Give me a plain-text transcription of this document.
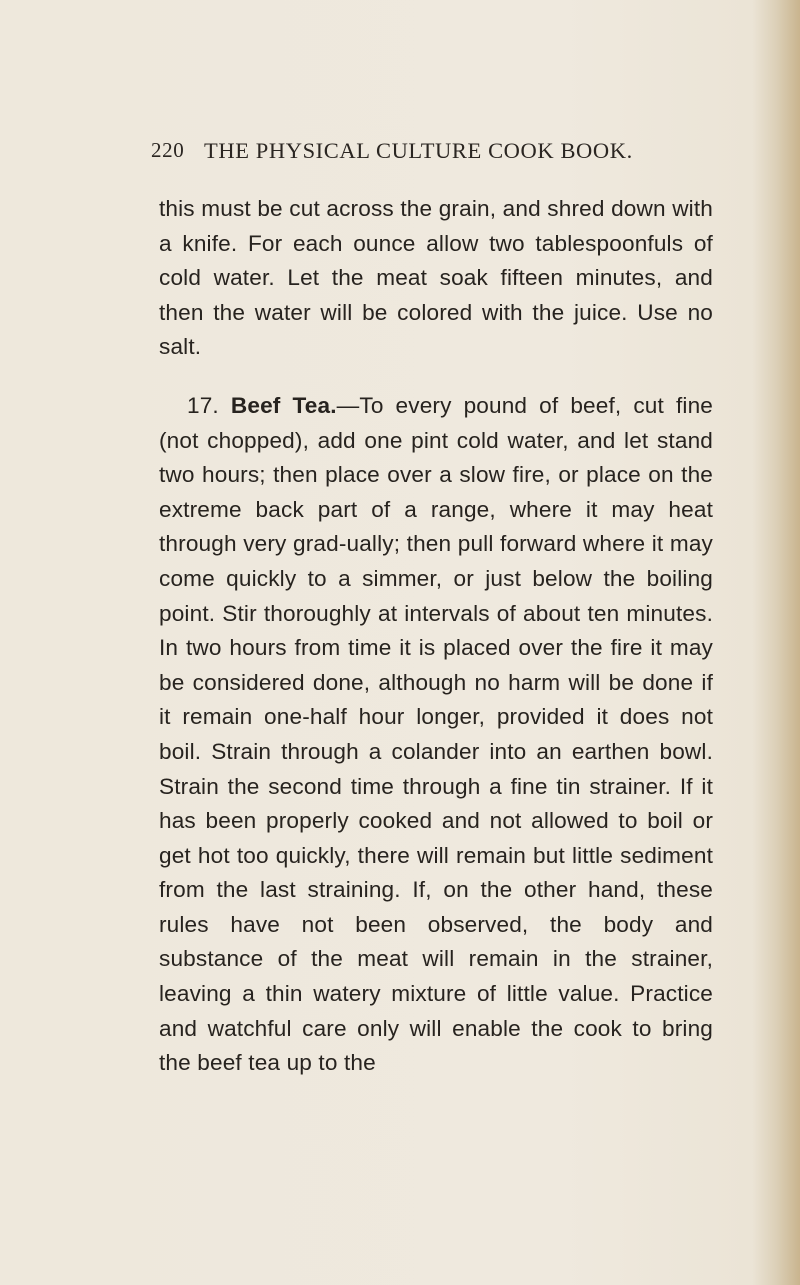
220 THE PHYSICAL CULTURE COOK BOOK.

this must be cut across the grain, and shred down with a knife. For each ounce allow two tablespoonfuls of cold water. Let the meat soak fifteen minutes, and then the water will be colored with the juice. Use no salt.

17. Beef Tea.—To every pound of beef, cut fine (not chopped), add one pint cold water, and let stand two hours; then place over a slow fire, or place on the extreme back part of a range, where it may heat through very grad-ually; then pull forward where it may come quickly to a simmer, or just below the boiling point. Stir thoroughly at intervals of about ten minutes. In two hours from time it is placed over the fire it may be considered done, although no harm will be done if it remain one-half hour longer, provided it does not boil. Strain through a colander into an earthen bowl. Strain the second time through a fine tin strainer. If it has been properly cooked and not allowed to boil or get hot too quickly, there will remain but little sediment from the last straining. If, on the other hand, these rules have not been observed, the body and substance of the meat will remain in the strainer, leaving a thin watery mixture of little value. Practice and watchful care only will enable the cook to bring the beef tea up to the
